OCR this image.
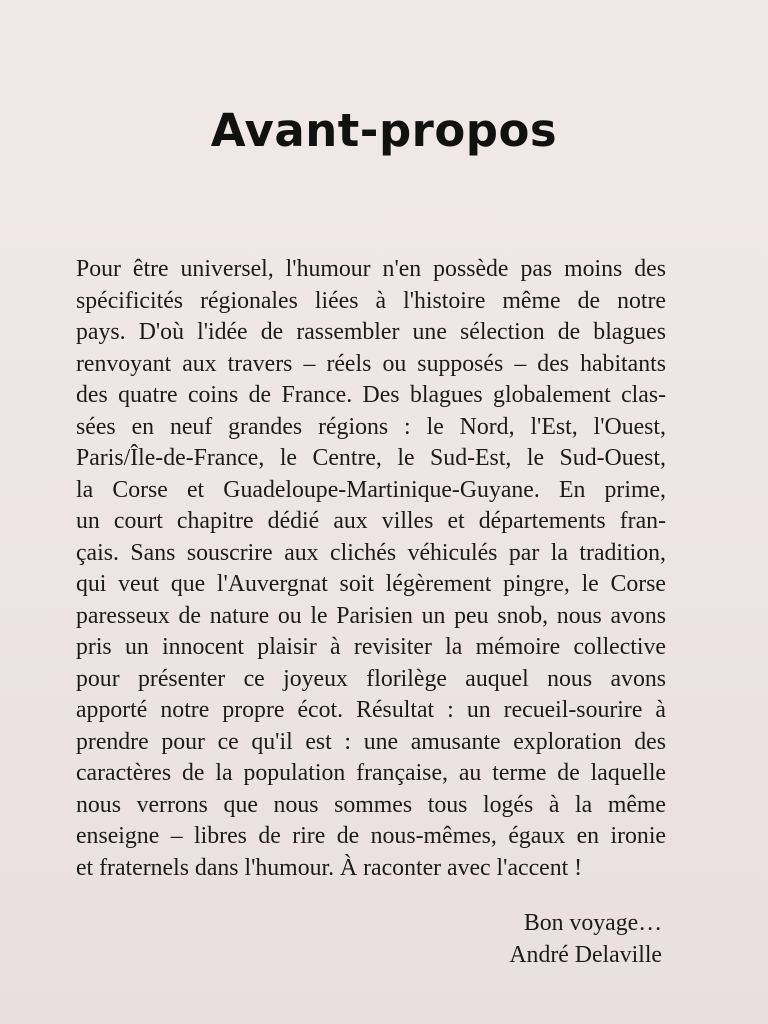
Avant-propos
Pour être universel, l'humour n'en possède pas moins des
spécificités régionales liées à l'histoire même de notre
pays. D'où l'idée de rassembler une sélection de blagues
renvoyant aux travers – réels ou supposés – des habitants
des quatre coins de France. Des blagues globalement clas-
sées en neuf grandes régions : le Nord, l'Est, l'Ouest,
Paris/Île-de-France, le Centre, le Sud-Est, le Sud-Ouest,
la Corse et Guadeloupe-Martinique-Guyane. En prime,
un court chapitre dédié aux villes et départements fran-
çais. Sans souscrire aux clichés véhiculés par la tradition,
qui veut que l'Auvergnat soit légèrement pingre, le Corse
paresseux de nature ou le Parisien un peu snob, nous avons
pris un innocent plaisir à revisiter la mémoire collective
pour présenter ce joyeux florilège auquel nous avons
apporté notre propre écot. Résultat : un recueil-sourire à
prendre pour ce qu'il est : une amusante exploration des
caractères de la population française, au terme de laquelle
nous verrons que nous sommes tous logés à la même
enseigne – libres de rire de nous-mêmes, égaux en ironie
et fraternels dans l'humour. À raconter avec l'accent !
Bon voyage…
André Delaville
